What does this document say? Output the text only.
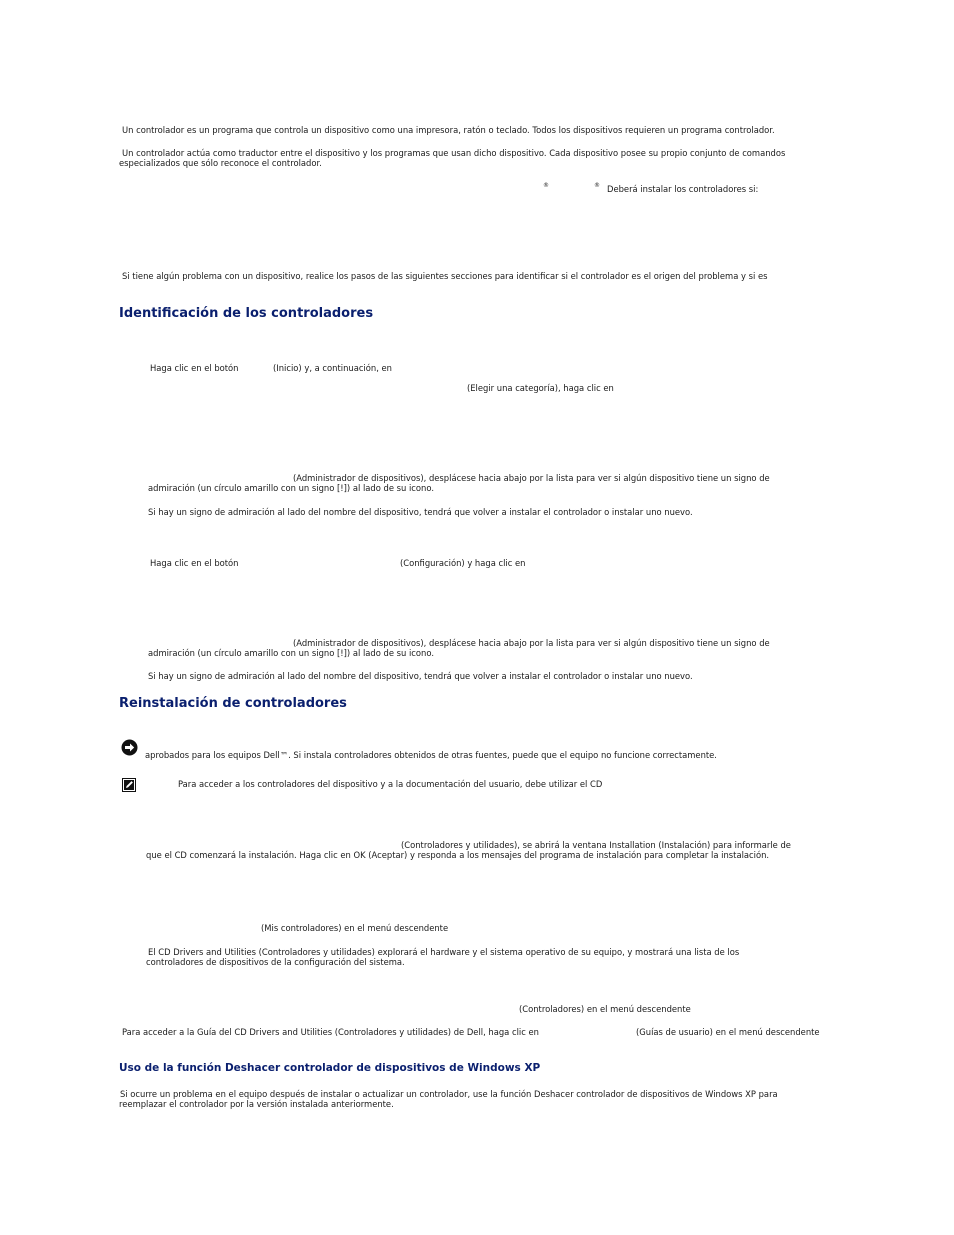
Un controlador es un programa que controla un dispositivo como una impresora, ratón o teclado. Todos los dispositivos requieren un programa controlador.
Un controlador actúa como traductor entre el dispositivo y los programas que usan dicho dispositivo. Cada dispositivo posee su propio conjunto de comandos
especializados que sólo reconoce el controlador.
®	® Deberá instalar los controladores si:
Si tiene algún problema con un dispositivo, realice los pasos de las siguientes secciones para identificar si el controlador es el origen del problema y si es
Identificación de los controladores
Haga clic en el botón	(Inicio) y, a continuación, en
(Elegir una categoría), haga clic en
(Administrador de dispositivos), desplácese hacia abajo por la lista para ver si algún dispositivo tiene un signo de
admiración (un círculo amarillo con un signo [!]) al lado de su icono.
Si hay un signo de admiración al lado del nombre del dispositivo, tendrá que volver a instalar el controlador o instalar uno nuevo.
Haga clic en el botón	(Configuración) y haga clic en
(Administrador de dispositivos), desplácese hacia abajo por la lista para ver si algún dispositivo tiene un signo de
admiración (un círculo amarillo con un signo [!]) al lado de su icono.
Si hay un signo de admiración al lado del nombre del dispositivo, tendrá que volver a instalar el controlador o instalar uno nuevo.
Reinstalación de controladores
aprobados para los equipos Dell™. Si instala controladores obtenidos de otras fuentes, puede que el equipo no funcione correctamente.
Para acceder a los controladores del dispositivo y a la documentación del usuario, debe utilizar el CD
(Controladores y utilidades), se abrirá la ventana Installation (Instalación) para informarle de
que el CD comenzará la instalación. Haga clic en OK (Aceptar) y responda a los mensajes del programa de instalación para completar la instalación.
(Mis controladores) en el menú descendente
El CD Drivers and Utilities (Controladores y utilidades) explorará el hardware y el sistema operativo de su equipo, y mostrará una lista de los
controladores de dispositivos de la configuración del sistema.
(Controladores) en el menú descendente
Para acceder a la Guía del CD Drivers and Utilities (Controladores y utilidades) de Dell, haga clic en	(Guías de usuario) en el menú descendente
Uso de la función Deshacer controlador de dispositivos de Windows XP
Si ocurre un problema en el equipo después de instalar o actualizar un controlador, use la función Deshacer controlador de dispositivos de Windows XP para
reemplazar el controlador por la versión instalada anteriormente.
